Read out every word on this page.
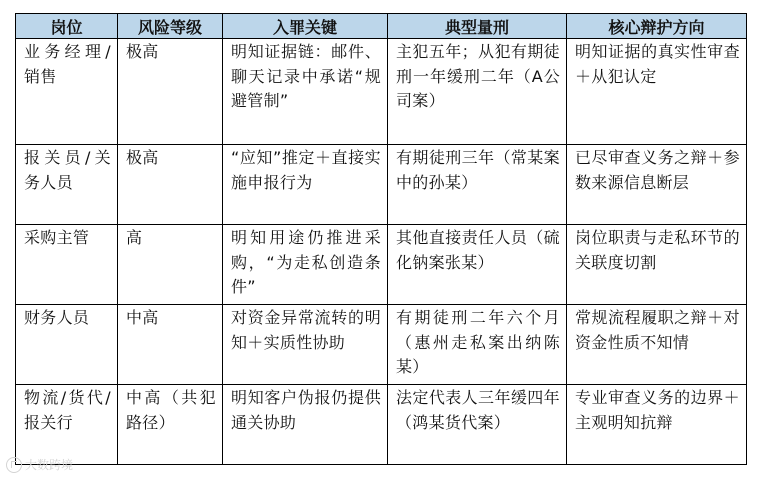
岗位	风险等级	入罪关键	典型量刑	核心辩护方向
业务经理/销售	极高	明知证据链：邮件、聊天记录中承诺“规避管制”	主犯五年；从犯有期徒刑一年缓刑二年（A公司案）	明知证据的真实性审查＋从犯认定
报关员/关务人员	极高	“应知”推定＋直接实施申报行为	有期徒刑三年（常某案中的孙某）	已尽审查义务之辩＋参数来源信息断层
采购主管	高	明知用途仍推进采购，“为走私创造条件”	其他直接责任人员（硫化钠案张某）	岗位职责与走私环节的关联度切割
财务人员	中高	对资金异常流转的明知＋实质性协助	有期徒刑二年六个月（惠州走私案出纳陈某）	常规流程履职之辩＋对资金性质不知情
物流/货代/报关行	中高（共犯路径）	明知客户伪报仍提供通关协助	法定代表人三年缓四年（鸿某货代案）	专业审查义务的边界＋主观明知抗辩
大数跨境
